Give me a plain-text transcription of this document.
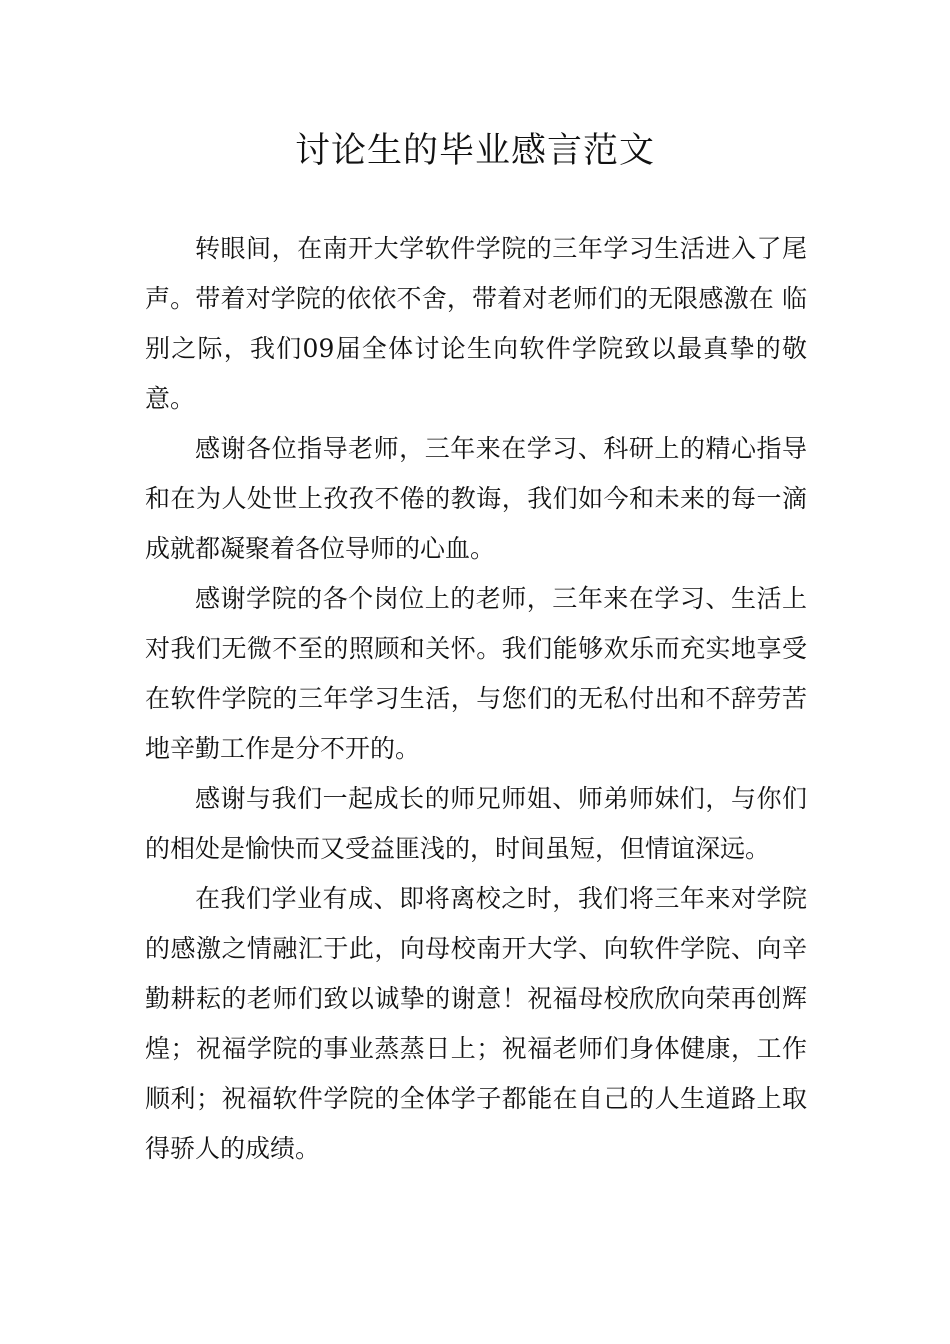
讨论生的毕业感言范文

转眼间，在南开大学软件学院的三年学习生活进入了尾声。带着对学院的依依不舍，带着对老师们的无限感激在 临别之际，我们09届全体讨论生向软件学院致以最真挚的敬意。

感谢各位指导老师，三年来在学习、科研上的精心指导和在为人处世上孜孜不倦的教诲，我们如今和未来的每一滴成就都凝聚着各位导师的心血。

感谢学院的各个岗位上的老师，三年来在学习、生活上对我们无微不至的照顾和关怀。我们能够欢乐而充实地享受在软件学院的三年学习生活，与您们的无私付出和不辞劳苦地辛勤工作是分不开的。

感谢与我们一起成长的师兄师姐、师弟师妹们，与你们的相处是愉快而又受益匪浅的，时间虽短，但情谊深远。

在我们学业有成、即将离校之时，我们将三年来对学院的感激之情融汇于此，向母校南开大学、向软件学院、向辛勤耕耘的老师们致以诚挚的谢意！祝福母校欣欣向荣再创辉煌；祝福学院的事业蒸蒸日上；祝福老师们身体健康，工作顺利；祝福软件学院的全体学子都能在自己的人生道路上取得骄人的成绩。
